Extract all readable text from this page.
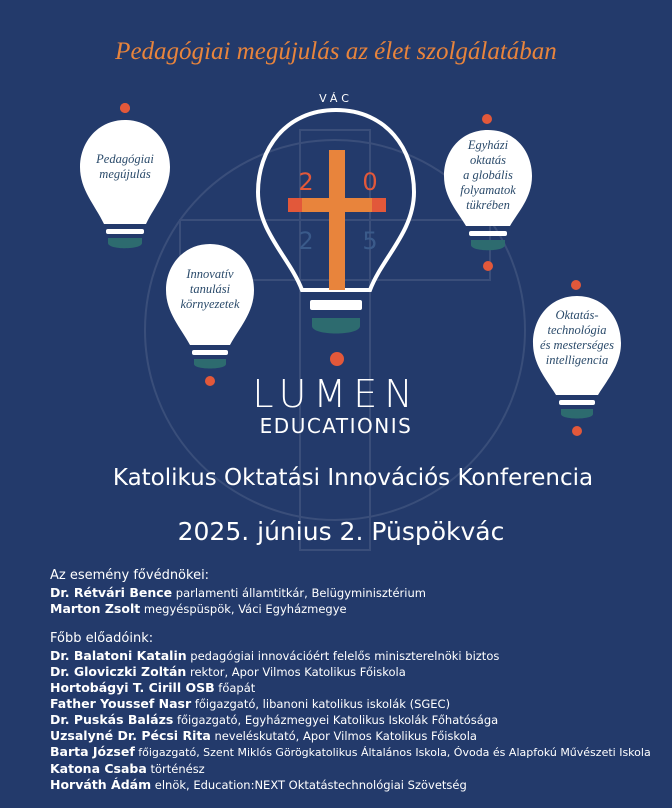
Pedagógiai megújulás az élet szolgálatában
VÁC
2 0
2 5
Pedagógiai
megújulás
Innovatív
tanulási
környezetek
Egyházi
oktatás
a globális
folyamatok
tükrében
Oktatás-
technológia
és mesterséges
intelligencia
LUMEN
EDUCATIONIS
Katolikus Oktatási Innovációs Konferencia
2025. június 2. Püspökvác
Az esemény fővédnökei:
Dr. Rétvári Bence parlamenti államtitkár, Belügyminisztérium
Marton Zsolt megyéspüspök, Váci Egyházmegye
Főbb előadóink:
Dr. Balatoni Katalin pedagógiai innovációért felelős miniszterelnöki biztos
Dr. Gloviczki Zoltán rektor, Apor Vilmos Katolikus Főiskola
Hortobágyi T. Cirill OSB főapát
Father Youssef Nasr főigazgató, libanoni katolikus iskolák (SGEC)
Dr. Puskás Balázs főigazgató, Egyházmegyei Katolikus Iskolák Főhatósága
Uzsalyné Dr. Pécsi Rita neveléskutató, Apor Vilmos Katolikus Főiskola
Barta József főigazgató, Szent Miklós Görögkatolikus Általános Iskola, Óvoda és Alapfokú Művészeti Iskola
Katona Csaba történész
Horváth Ádám elnök, Education:NEXT Oktatástechnológiai Szövetség
